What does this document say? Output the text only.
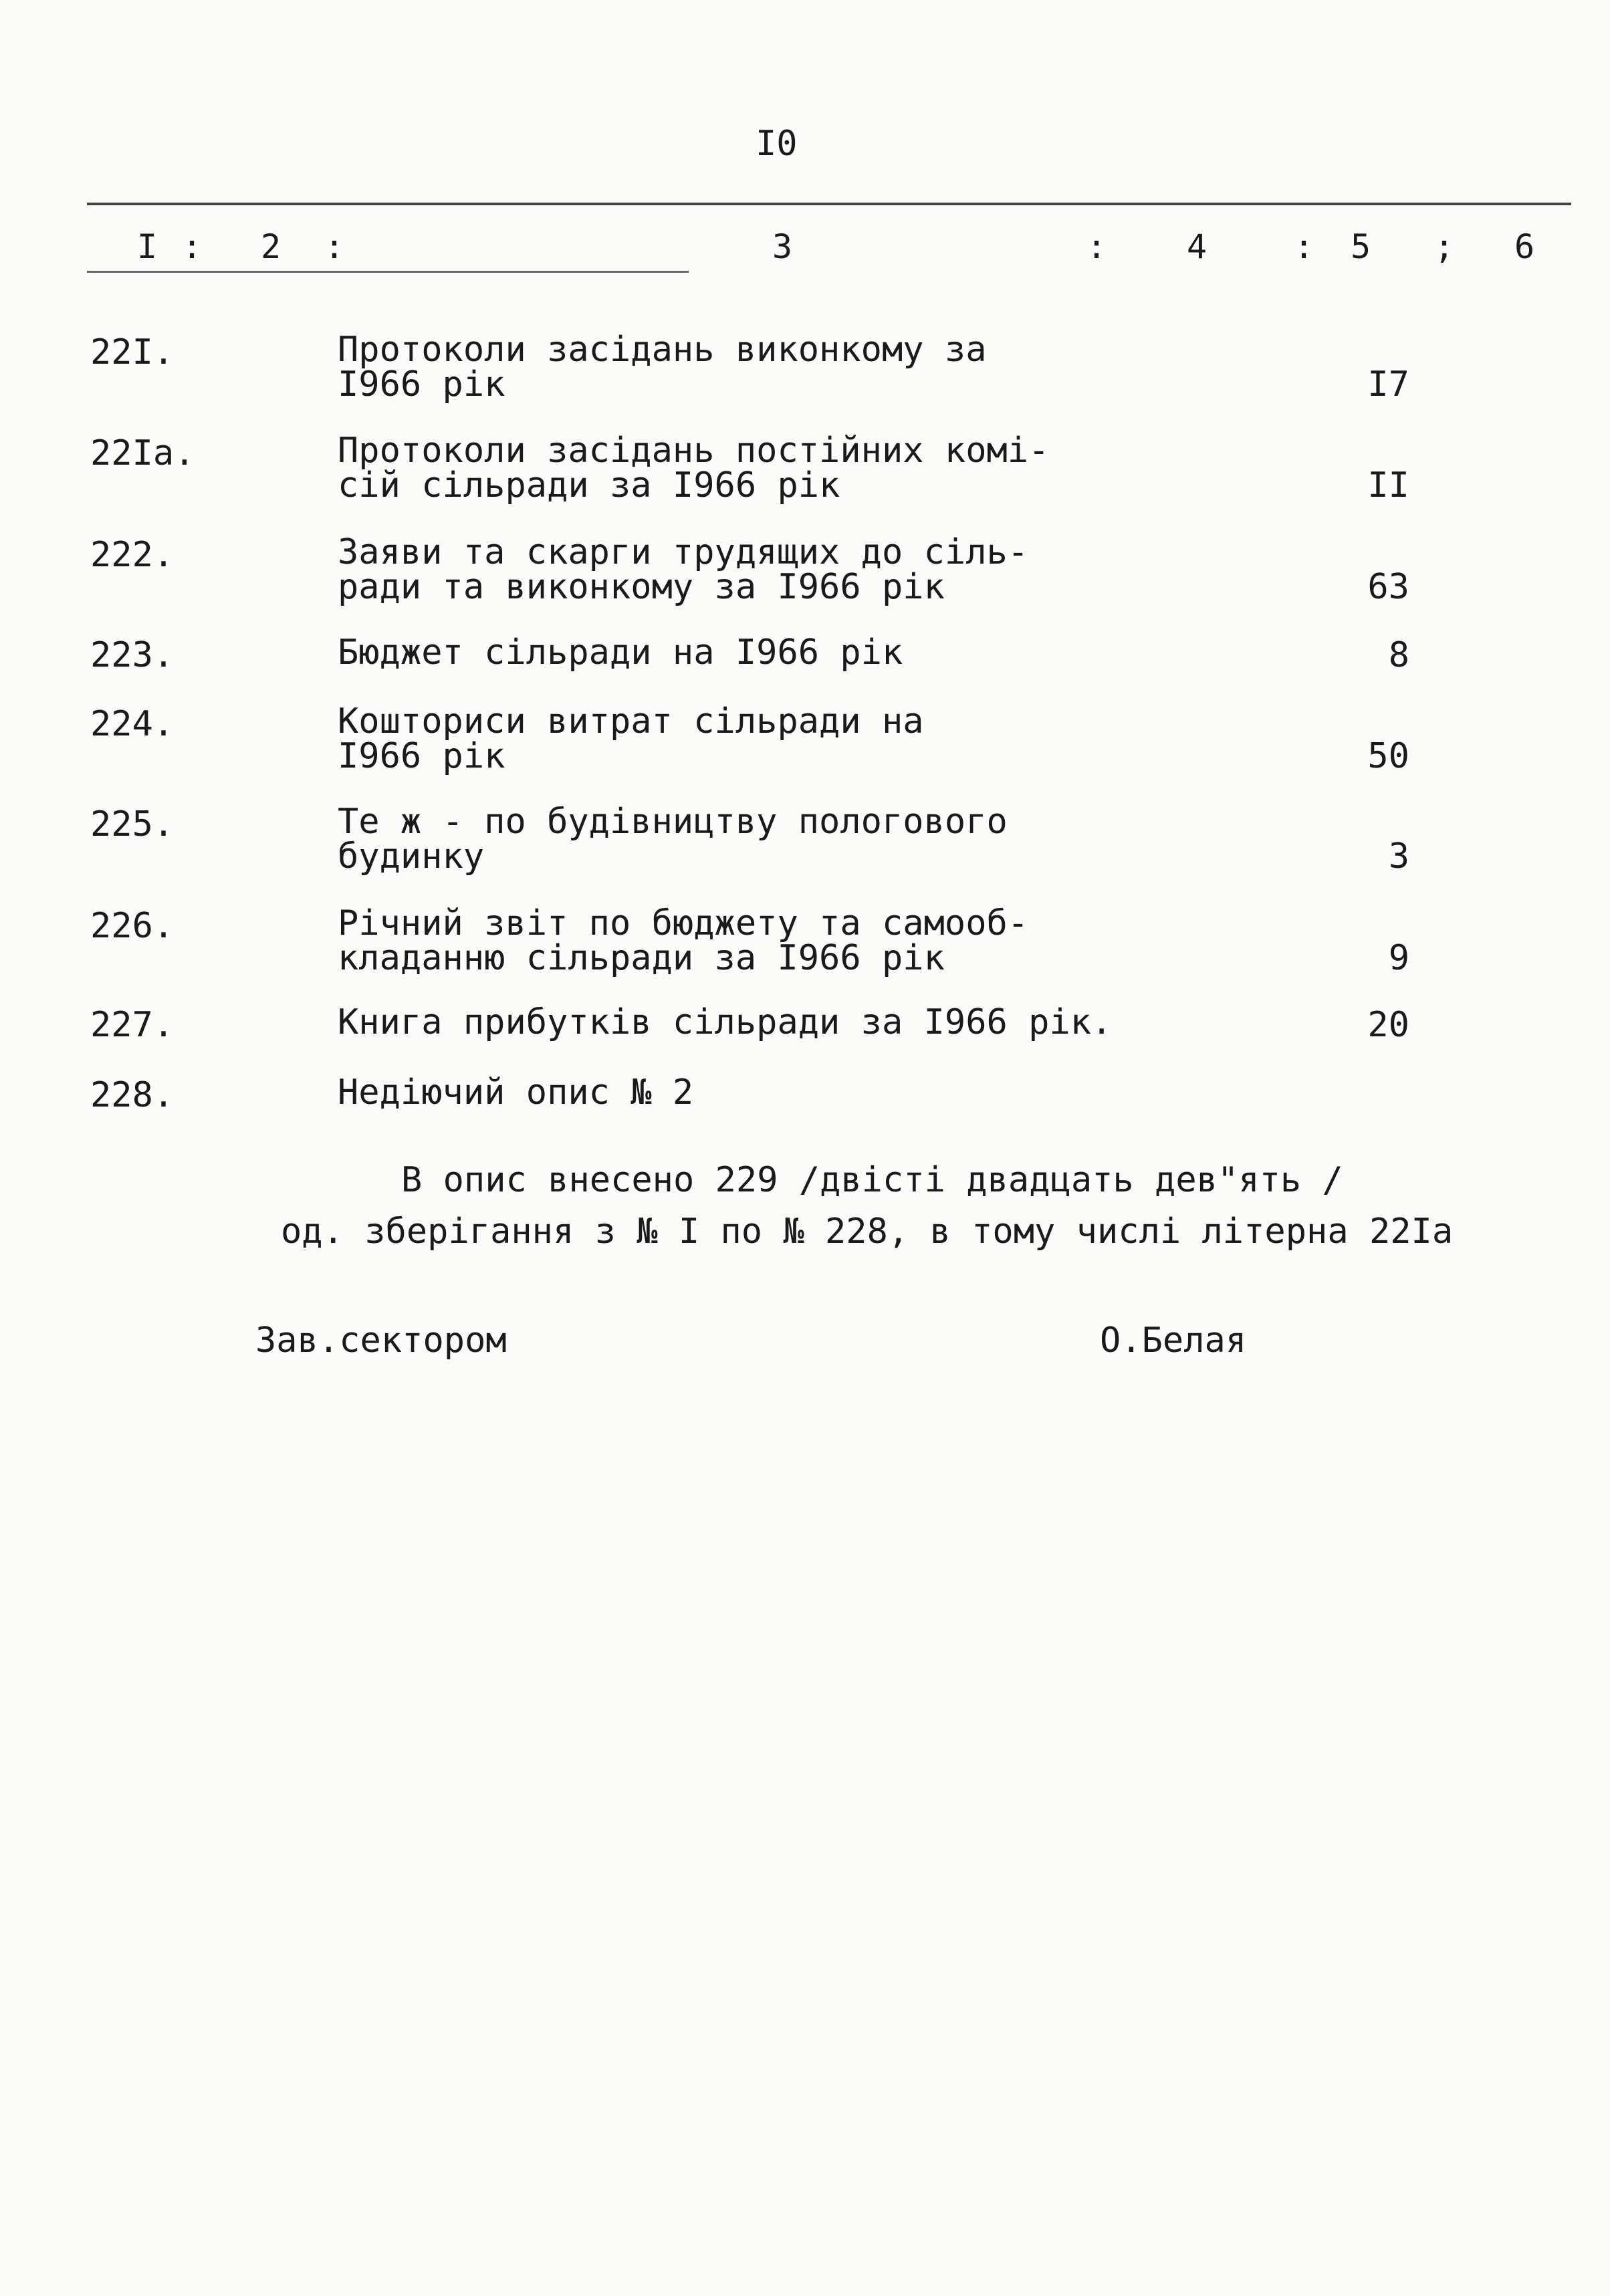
I0
I : 2 :	3	: 4	: 5 ; 6
22I.	Протоколи засідань виконкому за
I966 рік	I7
22Ia.	Протоколи засідань постійних комі-
сій сільради за I966 рік	II
222.	Заяви та скарги трудящих до сіль-
ради та виконкому за I966 рік	63
223.	Бюджет сільради на I966 рік	8
224.	Кошториси витрат сільради на
I966 рік	50
225.	Те ж - по будівництву пологового
будинку	3
226.	Річний звіт по бюджету та самооб-
кладанню сільради за I966 рік	9
227.	Книга прибутків сільради за I966 рік.	20
228.	Недіючий опис № 2
В опис внесено 229 /двісті двадцать дев"ять /
од. зберігання з № I по № 228, в тому числі літерна 22Iа
Зав.сектором	О.Белая
